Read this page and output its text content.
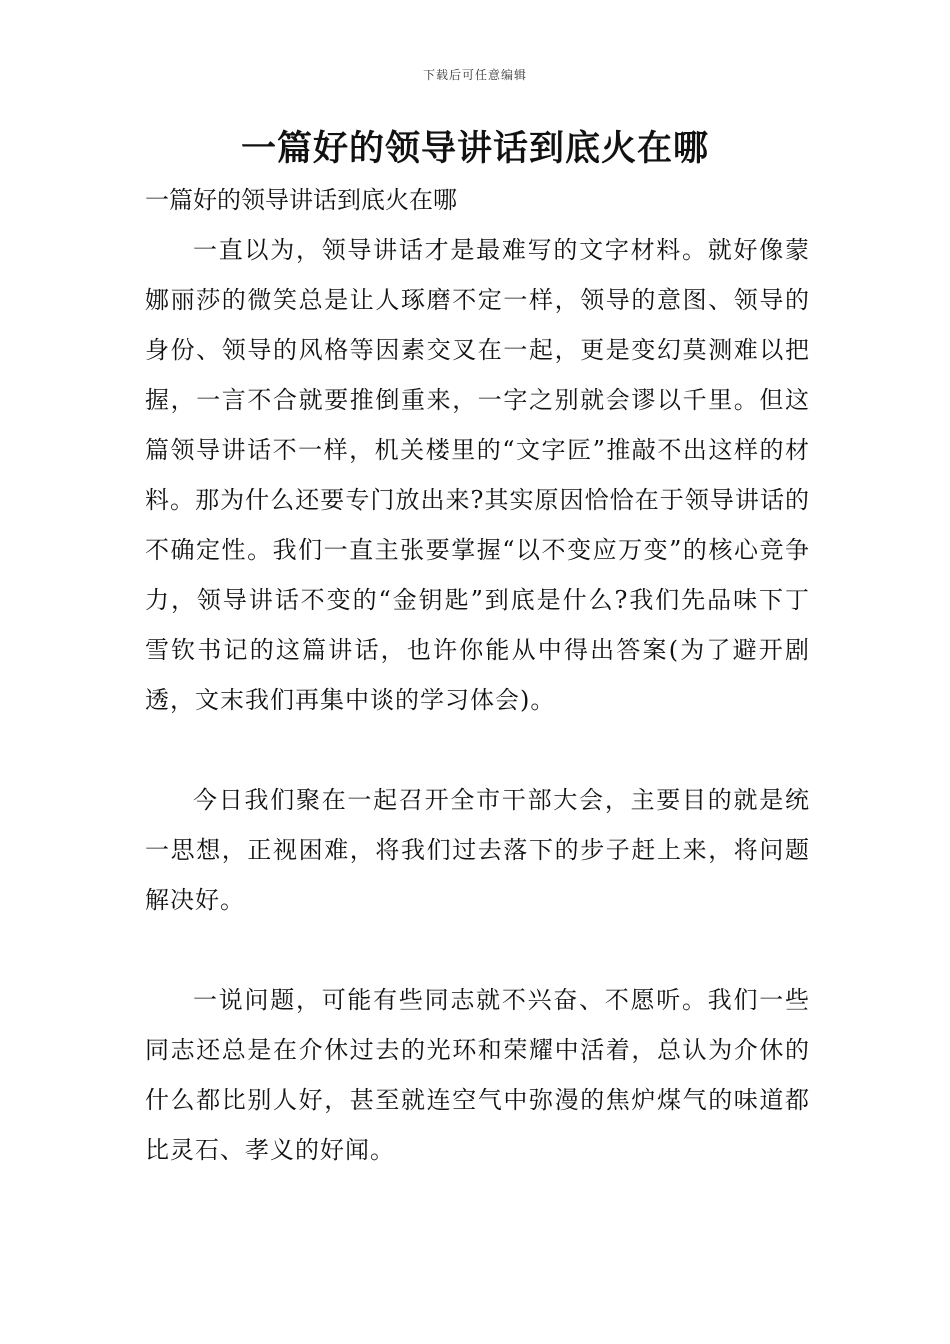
下载后可任意编辑
一篇好的领导讲话到底火在哪

一篇好的领导讲话到底火在哪

一直以为，领导讲话才是最难写的文字材料。就好像蒙娜丽莎的微笑总是让人琢磨不定一样，领导的意图、领导的身份、领导的风格等因素交叉在一起，更是变幻莫测难以把握，一言不合就要推倒重来，一字之别就会谬以千里。但这篇领导讲话不一样，机关楼里的“文字匠”推敲不出这样的材料。那为什么还要专门放出来?其实原因恰恰在于领导讲话的不确定性。我们一直主张要掌握“以不变应万变”的核心竞争力，领导讲话不变的“金钥匙”到底是什么?我们先品味下丁雪钦书记的这篇讲话，也许你能从中得出答案(为了避开剧透，文末我们再集中谈的学习体会)。

今日我们聚在一起召开全市干部大会，主要目的就是统一思想，正视困难，将我们过去落下的步子赶上来，将问题解决好。

一说问题，可能有些同志就不兴奋、不愿听。我们一些同志还总是在介休过去的光环和荣耀中活着，总认为介休的什么都比别人好，甚至就连空气中弥漫的焦炉煤气的味道都比灵石、孝义的好闻。
